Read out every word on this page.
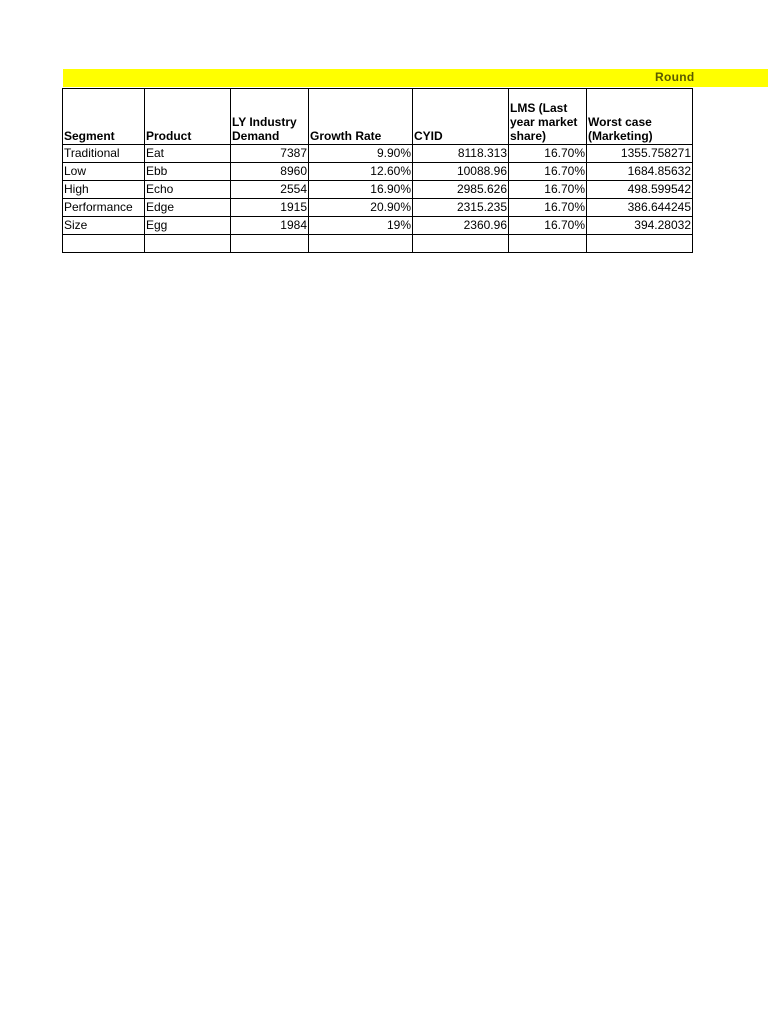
Round
Segment	Product	LY Industry Demand	Growth Rate	CYID	LMS (Last year market share)	Worst case (Marketing)
Traditional	Eat	7387	9.90%	8118.313	16.70%	1355.758271
Low	Ebb	8960	12.60%	10088.96	16.70%	1684.85632
High	Echo	2554	16.90%	2985.626	16.70%	498.599542
Performance	Edge	1915	20.90%	2315.235	16.70%	386.644245
Size	Egg	1984	19%	2360.96	16.70%	394.28032
